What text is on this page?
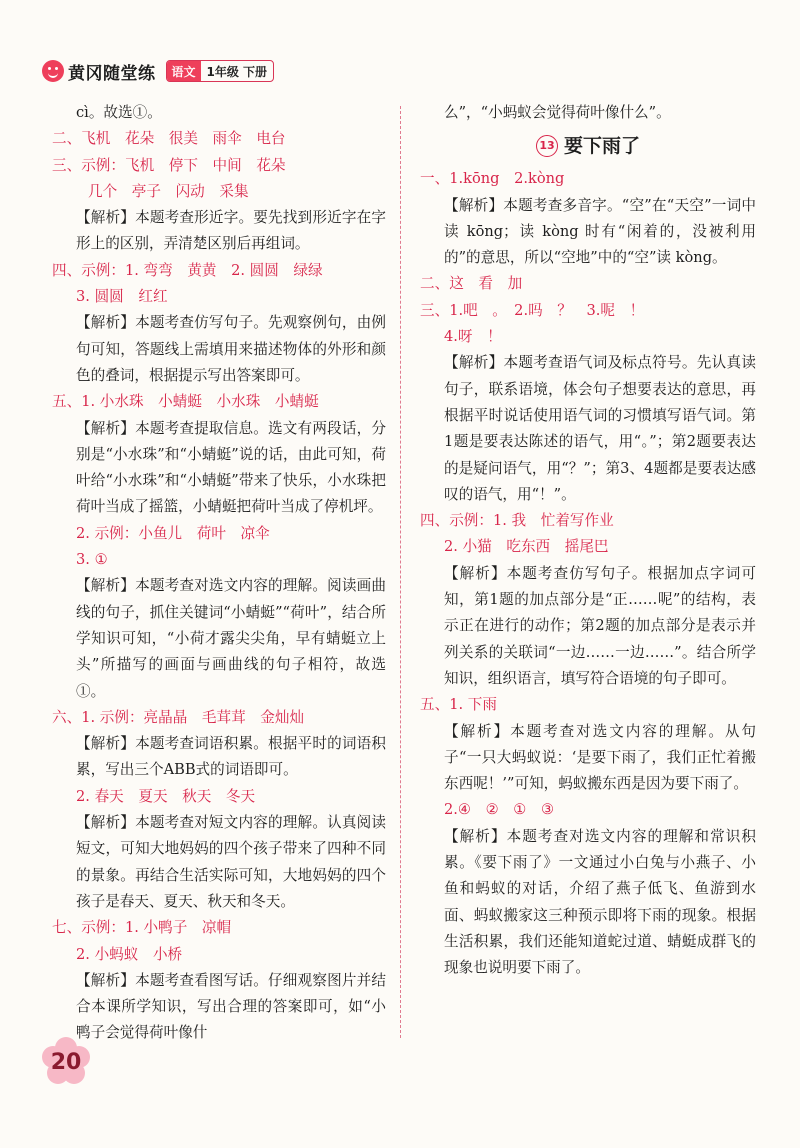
黄冈随堂练	语文 1年级 下册

cì。故选①。

二、飞机　花朵　很美　雨伞　电台

三、示例：飞机　停下　中间　花朵

几个　亭子　闪动　采集

【解析】本题考查形近字。要先找到形近字在字形上的区别，弄清楚区别后再组词。

四、示例：1. 弯弯　黄黄　2. 圆圆　绿绿

3. 圆圆　红红

【解析】本题考查仿写句子。先观察例句，由例句可知，答题线上需填用来描述物体的外形和颜色的叠词，根据提示写出答案即可。

五、1. 小水珠　小蜻蜓　小水珠　小蜻蜓

【解析】本题考查提取信息。选文有两段话，分别是“小水珠”和“小蜻蜓”说的话，由此可知，荷叶给“小水珠”和“小蜻蜓”带来了快乐，小水珠把荷叶当成了摇篮，小蜻蜓把荷叶当成了停机坪。

2. 示例：小鱼儿　荷叶　凉伞

3. ①

【解析】本题考查对选文内容的理解。阅读画曲线的句子，抓住关键词“小蜻蜓”“荷叶”，结合所学知识可知，“小荷才露尖尖角，早有蜻蜓立上头”所描写的画面与画曲线的句子相符，故选①。

六、1. 示例：亮晶晶　毛茸茸　金灿灿

【解析】本题考查词语积累。根据平时的词语积累，写出三个ABB式的词语即可。

2. 春天　夏天　秋天　冬天

【解析】本题考查对短文内容的理解。认真阅读短文，可知大地妈妈的四个孩子带来了四种不同的景象。再结合生活实际可知，大地妈妈的四个孩子是春天、夏天、秋天和冬天。

七、示例：1. 小鸭子　凉帽

2. 小蚂蚁　小桥

【解析】本题考查看图写话。仔细观察图片并结合本课所学知识，写出合理的答案即可，如“小鸭子会觉得荷叶像什

么”，“小蚂蚁会觉得荷叶像什么”。

13 要下雨了

一、1.kōng　2.kòng

【解析】本题考查多音字。“空”在“天空”一词中读 kōng；读 kòng 时有“闲着的，没被利用的”的意思，所以“空地”中的“空”读 kòng。

二、这　看　加

三、1.吧　。　2.吗　？　3.呢　！

4.呀　！

【解析】本题考查语气词及标点符号。先认真读句子，联系语境，体会句子想要表达的意思，再根据平时说话使用语气词的习惯填写语气词。第1题是要表达陈述的语气，用“。”；第2题要表达的是疑问语气，用“？”；第3、4题都是要表达感叹的语气，用“！”。

四、示例：1. 我　忙着写作业

2. 小猫　吃东西　摇尾巴

【解析】本题考查仿写句子。根据加点字词可知，第1题的加点部分是“正……呢”的结构，表示正在进行的动作；第2题的加点部分是表示并列关系的关联词“一边……一边……”。结合所学知识，组织语言，填写符合语境的句子即可。

五、1. 下雨

【解析】本题考查对选文内容的理解。从句子“一只大蚂蚁说：‘是要下雨了，我们正忙着搬东西呢！’”可知，蚂蚁搬东西是因为要下雨了。

2.④　②　①　③

【解析】本题考查对选文内容的理解和常识积累。《要下雨了》一文通过小白兔与小燕子、小鱼和蚂蚁的对话，介绍了燕子低飞、鱼游到水面、蚂蚁搬家这三种预示即将下雨的现象。根据生活积累，我们还能知道蛇过道、蜻蜓成群飞的现象也说明要下雨了。

20
